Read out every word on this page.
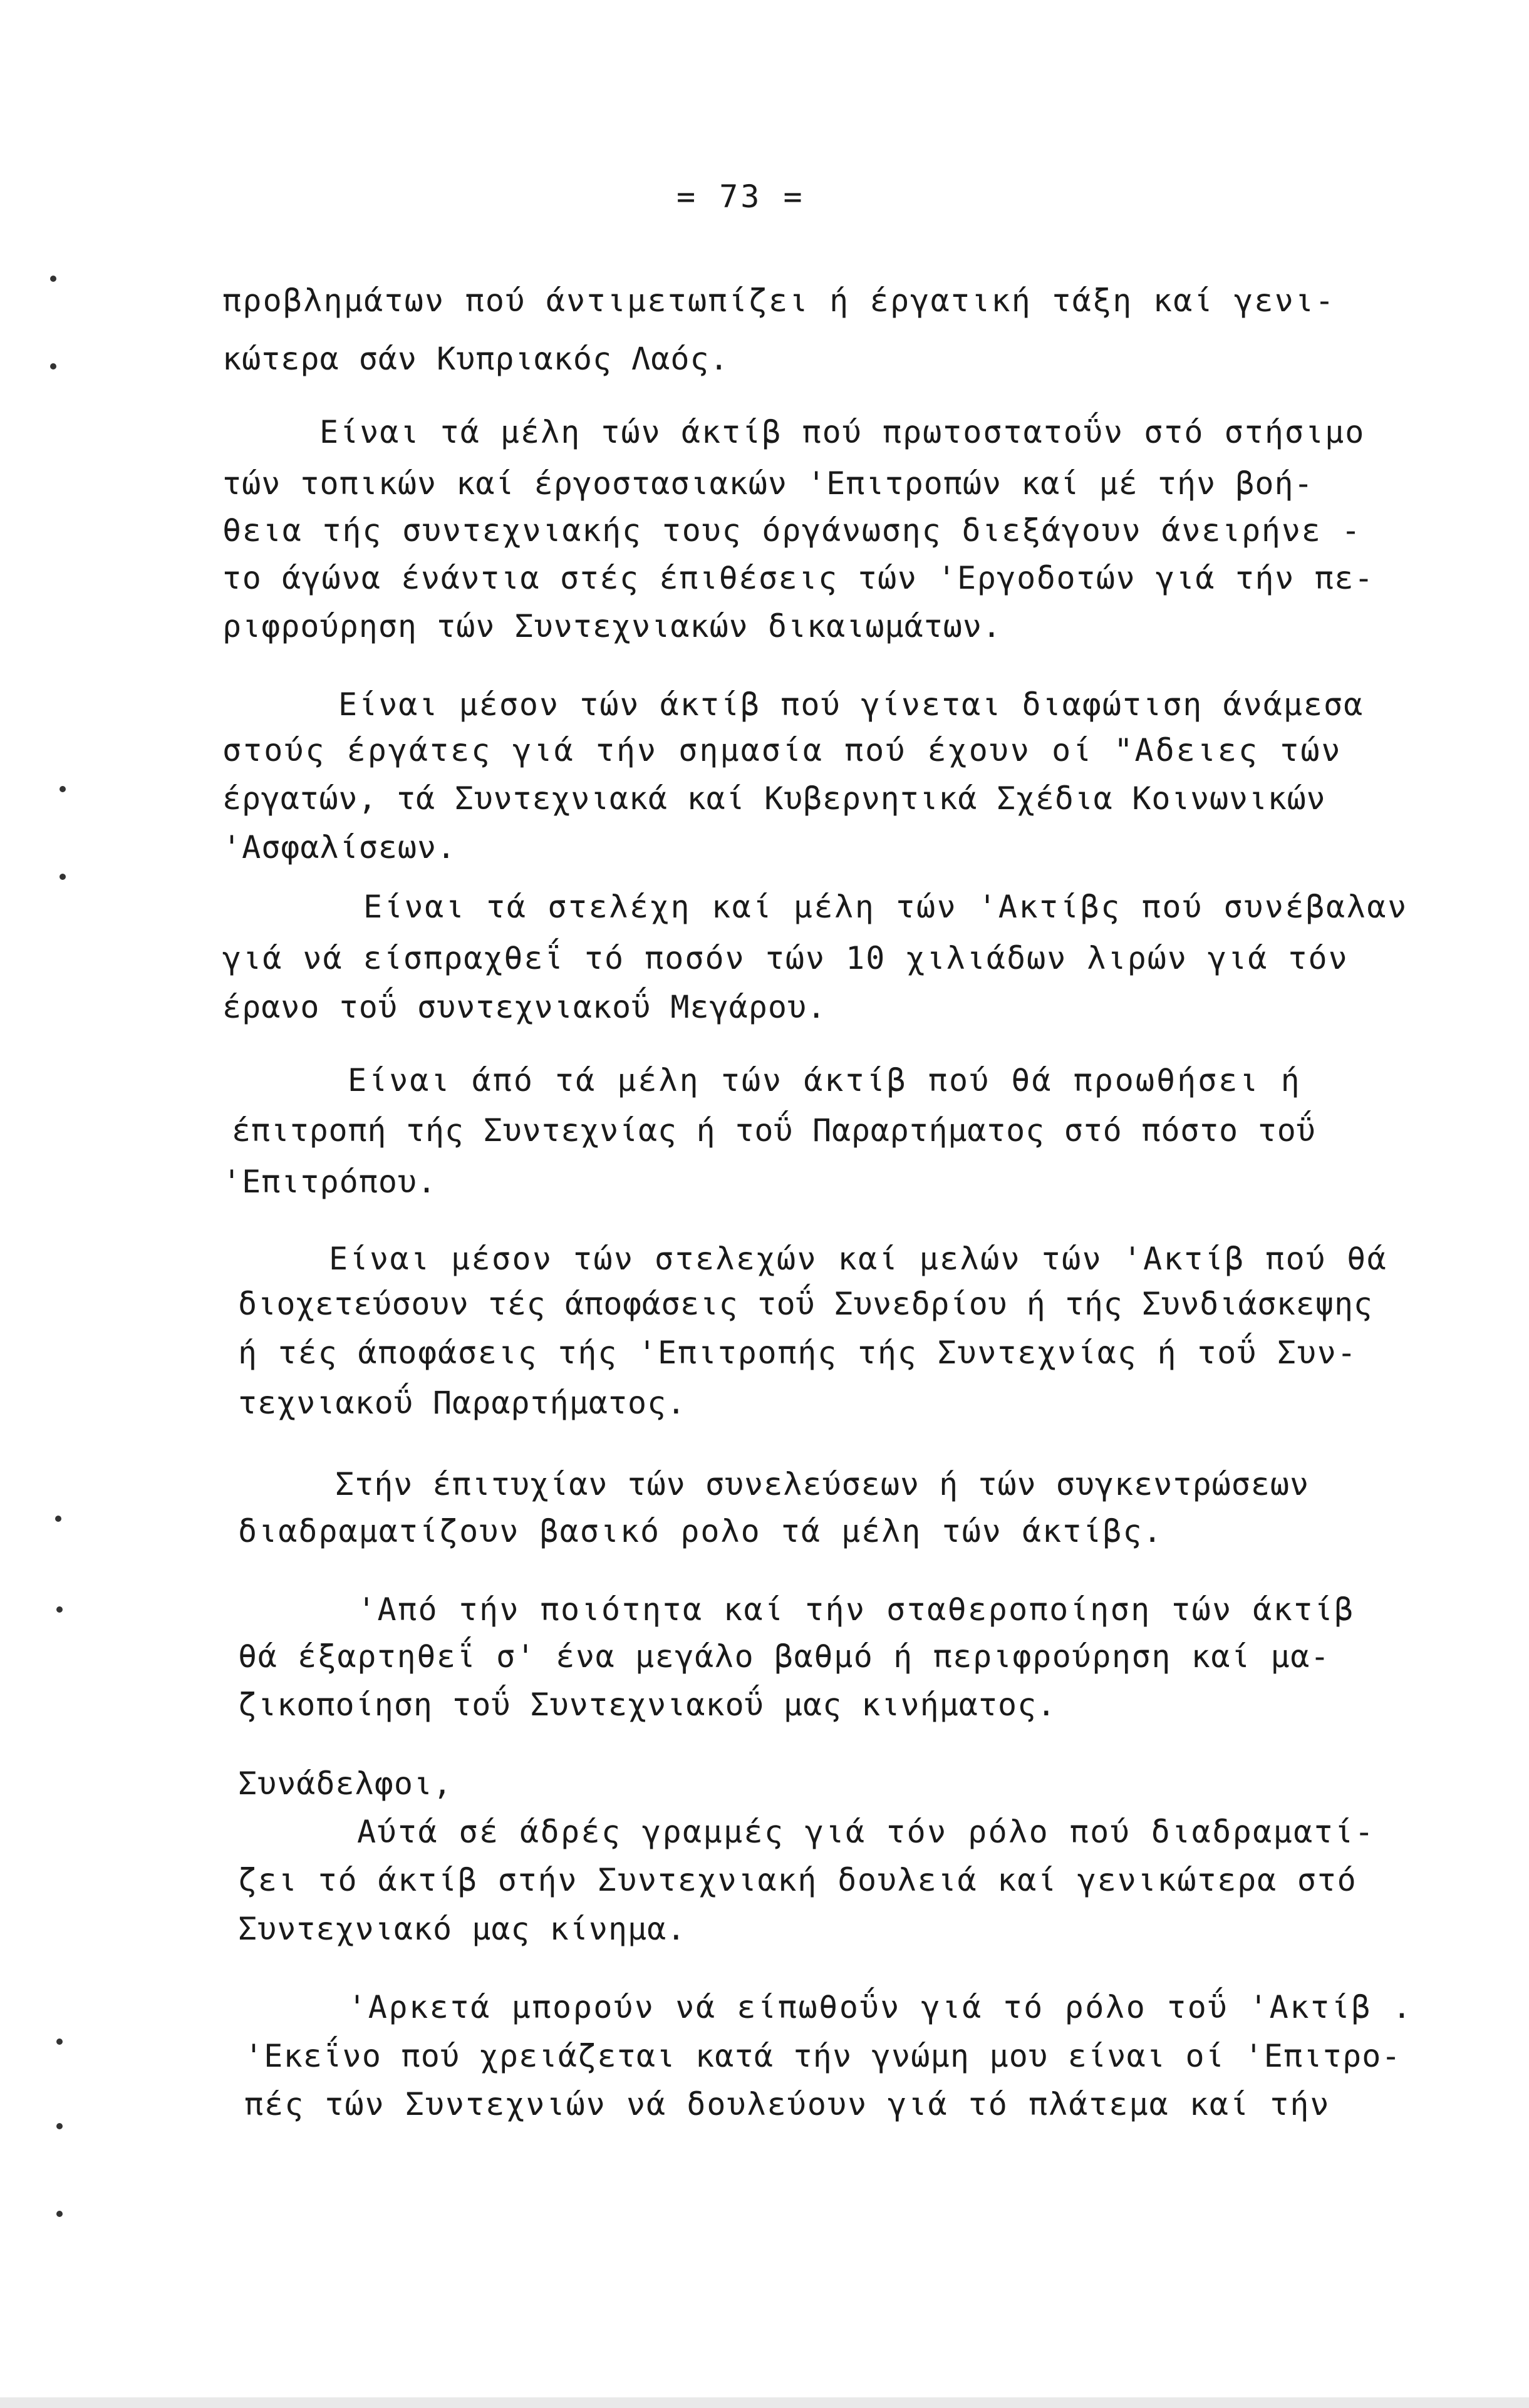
= 73 =
προβλημάτων πού άντιμετωπίζει ή έργατική τάξη καί γενι-
κώτερα σάν Κυπριακός Λαός.
Είναι τά μέλη τών άκτίβ πού πρωτοστατοΰν στό στήσιμο
τών τοπικών καί έργοστασιακών 'Επιτροπών καί μέ τήν βοή-
θεια τής συντεχνιακής τους όργάνωσης διεξάγουν άνειρήνε -
το άγώνα ένάντια στές έπιθέσεις τών 'Εργοδοτών γιά τήν πε-
ριφρούρηση τών Συντεχνιακών δικαιωμάτων.
Είναι μέσον τών άκτίβ πού γίνεται διαφώτιση άνάμεσα
στούς έργάτες γιά τήν σημασία πού έχουν οί "Αδειες τών
έργατών, τά Συντεχνιακά καί Κυβερνητικά Σχέδια Κοινωνικών
'Ασφαλίσεων.
Είναι τά στελέχη καί μέλη τών 'Ακτίβς πού συνέβαλαν
γιά νά είσπραχθεΐ τό ποσόν τών 10 χιλιάδων λιρών γιά τόν
έρανο τοΰ συντεχνιακοΰ Μεγάρου.
Είναι άπό τά μέλη τών άκτίβ πού θά προωθήσει ή
έπιτροπή τής Συντεχνίας ή τοΰ Παραρτήματος στό πόστο τοΰ
'Επιτρόπου.
Είναι μέσον τών στελεχών καί μελών τών 'Ακτίβ πού θά
διοχετεύσουν τές άποφάσεις τοΰ Συνεδρίου ή τής Συνδιάσκεψης
ή τές άποφάσεις τής 'Επιτροπής τής Συντεχνίας ή τοΰ Συν-
τεχνιακοΰ Παραρτήματος.
Στήν έπιτυχίαν τών συνελεύσεων ή τών συγκεντρώσεων
διαδραματίζουν βασικό ρολο τά μέλη τών άκτίβς.
'Από τήν ποιότητα καί τήν σταθεροποίηση τών άκτίβ
θά έξαρτηθεΐ σ' ένα μεγάλο βαθμό ή περιφρούρηση καί μα-
ζικοποίηση τοΰ Συντεχνιακοΰ μας κινήματος.
Συνάδελφοι,
Αύτά σέ άδρές γραμμές γιά τόν ρόλο πού διαδραματί-
ζει τό άκτίβ στήν Συντεχνιακή δουλειά καί γενικώτερα στό
Συντεχνιακό μας κίνημα.
'Αρκετά μπορούν νά είπωθοΰν γιά τό ρόλο τοΰ 'Ακτίβ .
'Εκεΐνο πού χρειάζεται κατά τήν γνώμη μου είναι οί 'Επιτρο-
πές τών Συντεχνιών νά δουλεύουν γιά τό πλάτεμα καί τήν
